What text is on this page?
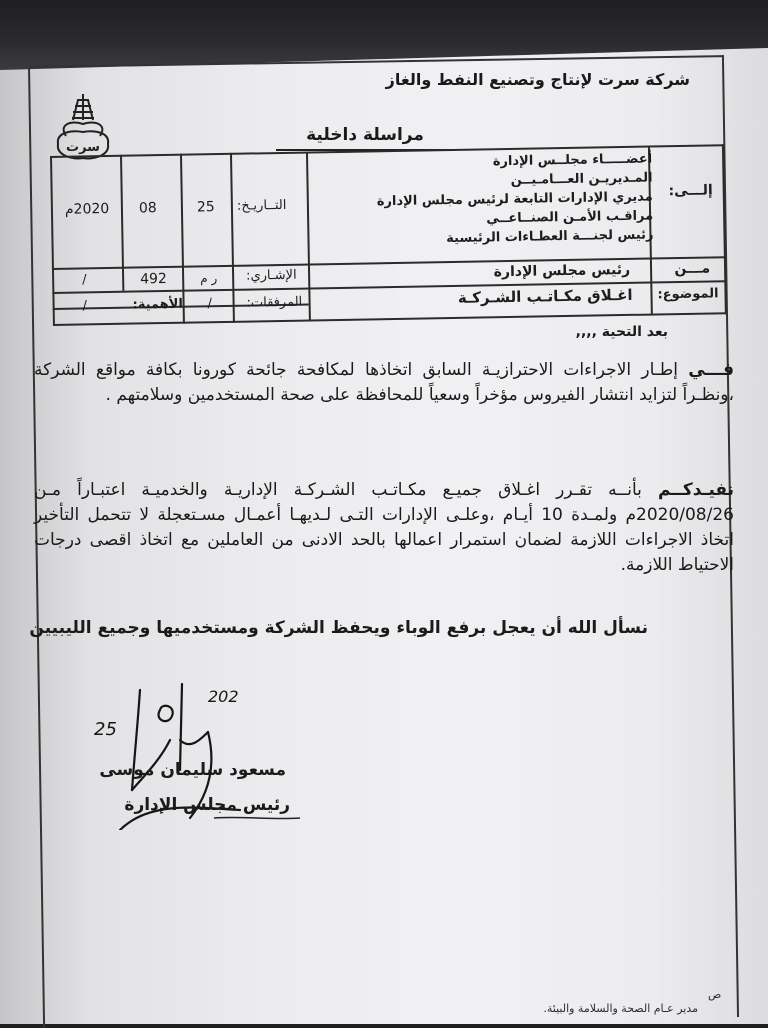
شركة سرت لإنتاج وتصنيع النفط والغاز
سرت
مراسلة داخلية
إلـــى:
أعضـــــاء مجلــس الإدارة
المـديريـن العـــامـيــن
مديري الإدارات التابعة لرئيس مجلس الإدارة
مراقـب الأمـن الصنــاعــي
رئيس لجنـــة العطـاءات الرئيسية
التــاريـخ:
25
08
2020م
مـــن
رئيس مجلس الإدارة
الإشـاري:
ر م
492
/
الموضوع:
اغـلاق مكـاتـب الشـركـة
المرفقات:
/
الأهمية:
/
بعد التحية ,,,,
فـــي إطـار الاجراءات الاحترازيـة السابق اتخاذها لمكافحة جائحة كورونا بكافة مواقع الشركة ،ونظـراً لتزايد انتشار الفيروس مؤخراً وسعياً للمحافظة على صحة المستخدمين وسلامتهم .
نفيـدكــم بأنــه تقـرر اغـلاق جميـع مكـاتـب الشـركـة الإداريـة والخدميـة اعتبـاراً مـن 2020/08/26م ولمـدة 10 أيـام ،وعلـى الإدارات التـى لـديهـا أعمـال مسـتعجلة لا تتحمل التأخير اتخاذ الاجراءات اللازمة لضمان استمرار اعمالها بالحد الادنى من العاملين مع اتخاذ اقصى درجات الاحتياط اللازمة.
نسأل الله أن يعجل برفع الوباء ويحفظ الشركة ومستخدميها وجميع الليبيين
25
202
مسعود سليمان موسى
رئيس مجلس الإدارة
ص
مدير عـام الصحة والسلامة والبيئة.
